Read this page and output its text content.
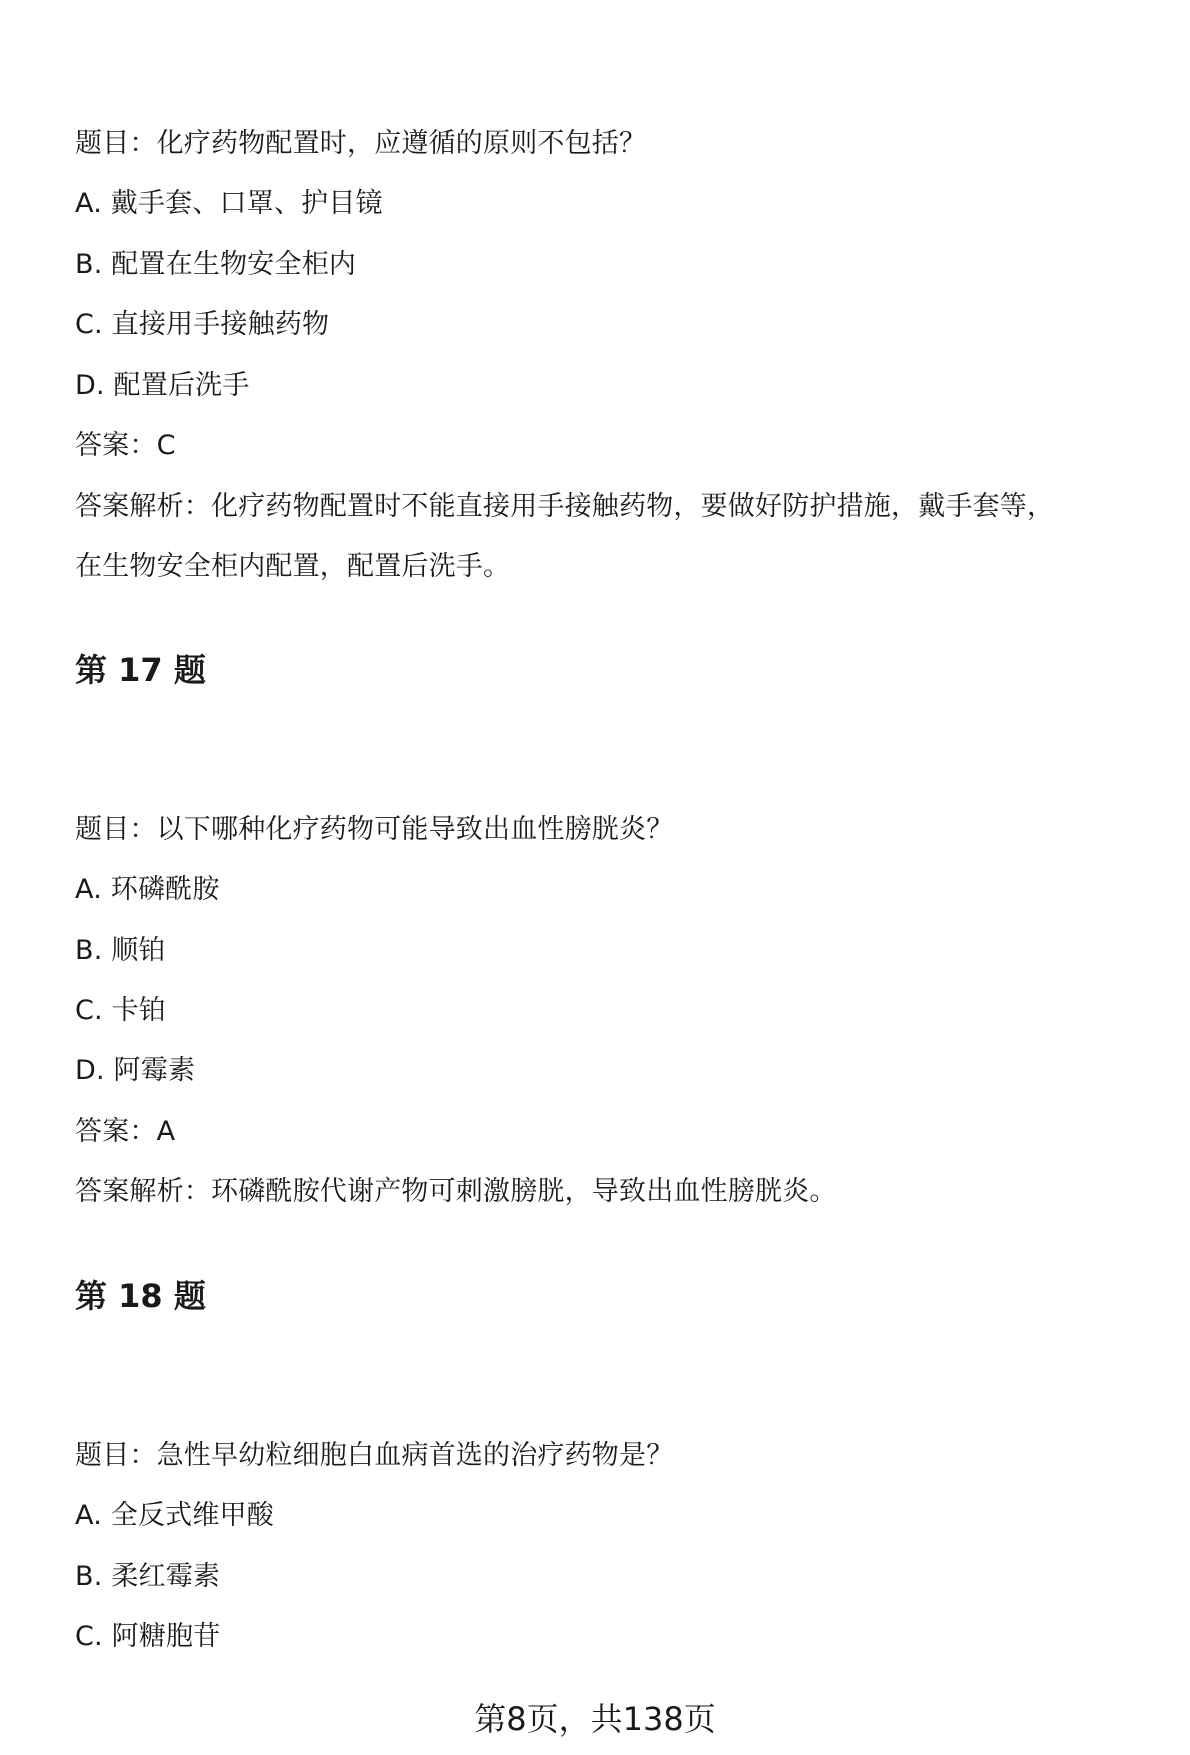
题目：化疗药物配置时，应遵循的原则不包括？
A. 戴手套、口罩、护目镜
B. 配置在生物安全柜内
C. 直接用手接触药物
D. 配置后洗手
答案：C
答案解析：化疗药物配置时不能直接用手接触药物，要做好防护措施，戴手套等，
在生物安全柜内配置，配置后洗手。
第 17 题
题目：以下哪种化疗药物可能导致出血性膀胱炎？
A. 环磷酰胺
B. 顺铂
C. 卡铂
D. 阿霉素
答案：A
答案解析：环磷酰胺代谢产物可刺激膀胱，导致出血性膀胱炎。
第 18 题
题目：急性早幼粒细胞白血病首选的治疗药物是？
A. 全反式维甲酸
B. 柔红霉素
C. 阿糖胞苷
第8页，共138页
